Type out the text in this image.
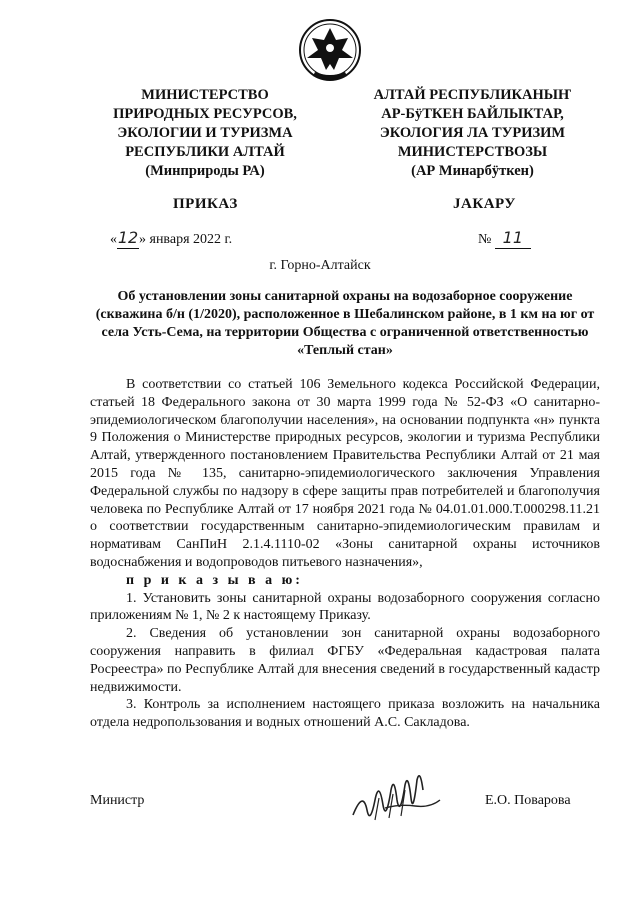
МИНИСТЕРСТВО
ПРИРОДНЫХ РЕСУРСОВ,
ЭКОЛОГИИ И ТУРИЗМА
РЕСПУБЛИКИ АЛТАЙ
(Минприроды РА)
АЛТАЙ РЕСПУБЛИКАНЫҤ
АР-БÿТКЕН БАЙЛЫКТАР,
ЭКОЛОГИЯ ЛА ТУРИЗИМ
МИНИСТЕРСТВОЗЫ
(АР Минарбÿткен)
ПРИКАЗ	JАКАРУ
«12» января 2022 г.	№ 11
г. Горно-Алтайск
Об установлении зоны санитарной охраны на водозаборное сооружение (скважина б/н (1/2020), расположенное в Шебалинском районе, в 1 км на юг от села Усть-Сема, на территории Общества с ограниченной ответственностью «Теплый стан»

В соответствии со статьей 106 Земельного кодекса Российской Федерации, статьей 18 Федерального закона от 30 марта 1999 года № 52-ФЗ «О санитарно-эпидемиологическом благополучии населения», на основании подпункта «н» пункта 9 Положения о Министерстве природных ресурсов, экологии и туризма Республики Алтай, утвержденного постановлением Правительства Республики Алтай от 21 мая 2015 года № 135, санитарно-эпидемиологического заключения Управления Федеральной службы по надзору в сфере защиты прав потребителей и благополучия человека по Республике Алтай от 17 ноября 2021 года № 04.01.01.000.Т.000298.11.21 о соответствии государственным санитарно-эпидемиологическим правилам и нормативам СанПиН 2.1.4.1110-02 «Зоны санитарной охраны источников водоснабжения и водопроводов питьевого назначения»,

п р и к а з ы в а ю:

1. Установить зоны санитарной охраны водозаборного сооружения согласно приложениям № 1, № 2 к настоящему Приказу.

2. Сведения об установлении зон санитарной охраны водозаборного сооружения направить в филиал ФГБУ «Федеральная кадастровая палата Росреестра» по Республике Алтай для внесения сведений в государственный кадастр недвижимости.

3. Контроль за исполнением настоящего приказа возложить на начальника отдела недропользования и водных отношений А.С. Сакладова.

Министр	Е.О. Поварова
